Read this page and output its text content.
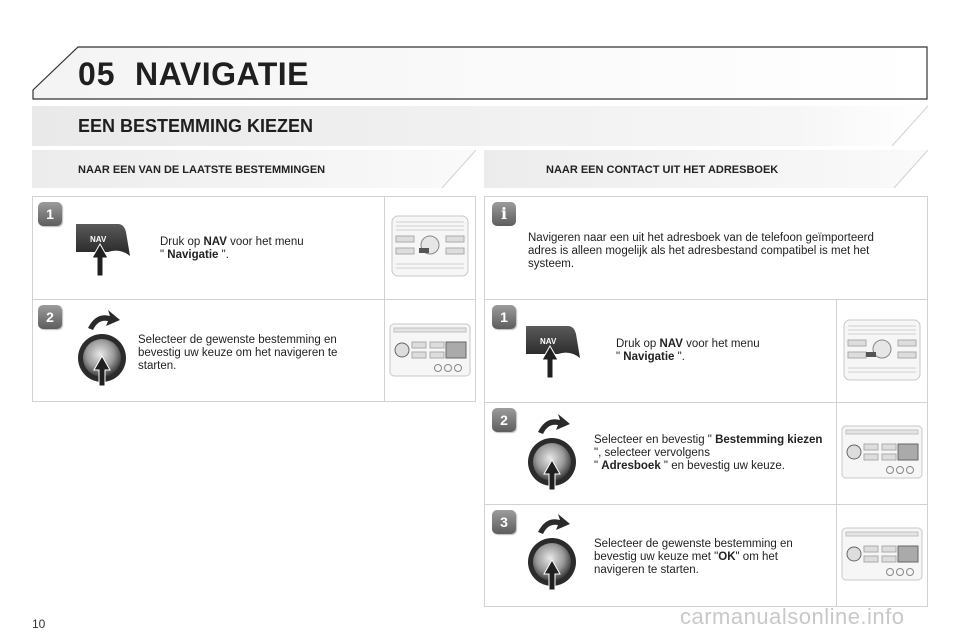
05 NAVIGATIE
EEN BESTEMMING KIEZEN
NAAR EEN VAN DE LAATSTE BESTEMMINGEN	NAAR EEN CONTACT UIT HET ADRESBOEK
1
NAV	Druk op NAV voor het menu
" Navigatie ".
2
Selecteer de gewenste bestemming en bevestig uw keuze om het navigeren te starten.
i
Navigeren naar een uit het adresboek van de telefoon geïmporteerd adres is alleen mogelijk als het adresbestand compatibel is met het systeem.
1
NAV	Druk op NAV voor het menu
" Navigatie ".
2
Selecteer en bevestig " Bestemming kiezen ", selecteer vervolgens
" Adresboek " en bevestig uw keuze.
3
Selecteer de gewenste bestemming en bevestig uw keuze met "OK" om het navigeren te starten.
10	carmanualsonline.info
